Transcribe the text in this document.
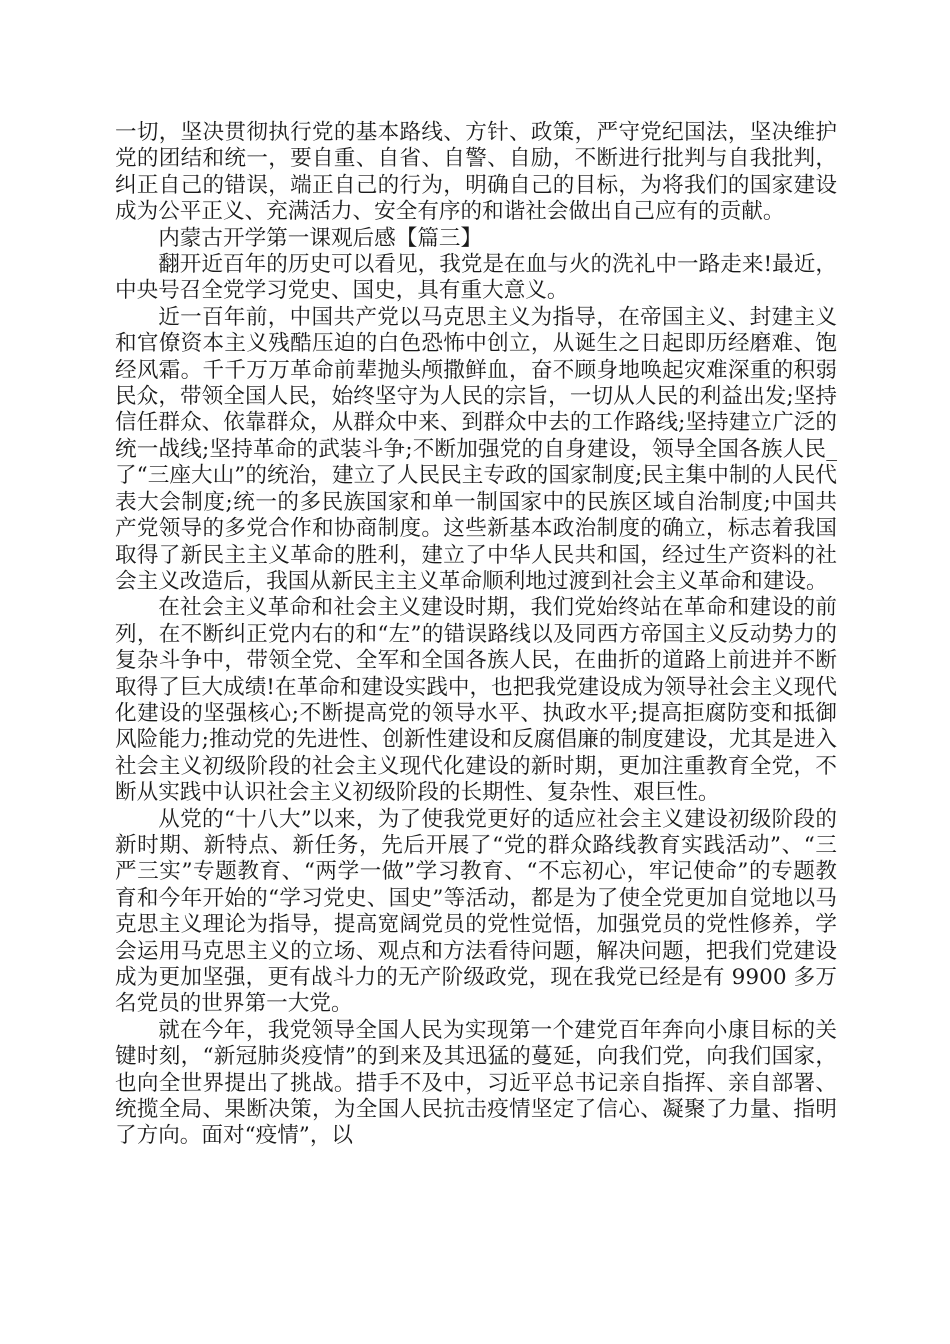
一切，坚决贯彻执行党的基本路线、方针、政策，严守党纪国法，坚决维护党的团结和统一，要自重、自省、自警、自励，不断进行批判与自我批判，纠正自己的错误，端正自己的行为，明确自己的目标，为将我们的国家建设成为公平正义、充满活力、安全有序的和谐社会做出自己应有的贡献。

内蒙古开学第一课观后感【篇三】

翻开近百年的历史可以看见，我党是在血与火的洗礼中一路走来!最近，中央号召全党学习党史、国史，具有重大意义。

近一百年前，中国共产党以马克思主义为指导，在帝国主义、封建主义和官僚资本主义残酷压迫的白色恐怖中创立，从诞生之日起即历经磨难、饱经风霜。千千万万革命前辈抛头颅撒鲜血，奋不顾身地唤起灾难深重的积弱民众，带领全国人民，始终坚守为人民的宗旨，一切从人民的利益出发;坚持信任群众、依靠群众，从群众中来、到群众中去的工作路线;坚持建立广泛的统一战线;坚持革命的武装斗争;不断加强党的自身建设，领导全国各族人民_了“三座大山”的统治，建立了人民民主专政的国家制度;民主集中制的人民代表大会制度;统一的多民族国家和单一制国家中的民族区域自治制度;中国共产党领导的多党合作和协商制度。这些新基本政治制度的确立，标志着我国取得了新民主主义革命的胜利，建立了中华人民共和国，经过生产资料的社会主义改造后，我国从新民主主义革命顺利地过渡到社会主义革命和建设。

在社会主义革命和社会主义建设时期，我们党始终站在革命和建设的前列，在不断纠正党内右的和“左”的错误路线以及同西方帝国主义反动势力的复杂斗争中，带领全党、全军和全国各族人民，在曲折的道路上前进并不断取得了巨大成绩!在革命和建设实践中，也把我党建设成为领导社会主义现代化建设的坚强核心;不断提高党的领导水平、执政水平;提高拒腐防变和抵御风险能力;推动党的先进性、创新性建设和反腐倡廉的制度建设，尤其是进入社会主义初级阶段的社会主义现代化建设的新时期，更加注重教育全党，不断从实践中认识社会主义初级阶段的长期性、复杂性、艰巨性。

从党的“十八大”以来，为了使我党更好的适应社会主义建设初级阶段的新时期、新特点、新任务，先后开展了“党的群众路线教育实践活动”、“三严三实”专题教育、“两学一做”学习教育、“不忘初心，牢记使命”的专题教育和今年开始的“学习党史、国史”等活动，都是为了使全党更加自觉地以马克思主义理论为指导，提高宽阔党员的党性觉悟，加强党员的党性修养，学会运用马克思主义的立场、观点和方法看待问题，解决问题，把我们党建设成为更加坚强，更有战斗力的无产阶级政党，现在我党已经是有 9900 多万名党员的世界第一大党。

就在今年，我党领导全国人民为实现第一个建党百年奔向小康目标的关键时刻，“新冠肺炎疫情”的到来及其迅猛的蔓延，向我们党，向我们国家，也向全世界提出了挑战。措手不及中，习近平总书记亲自指挥、亲自部署、统揽全局、果断决策，为全国人民抗击疫情坚定了信心、凝聚了力量、指明了方向。面对“疫情”，以
